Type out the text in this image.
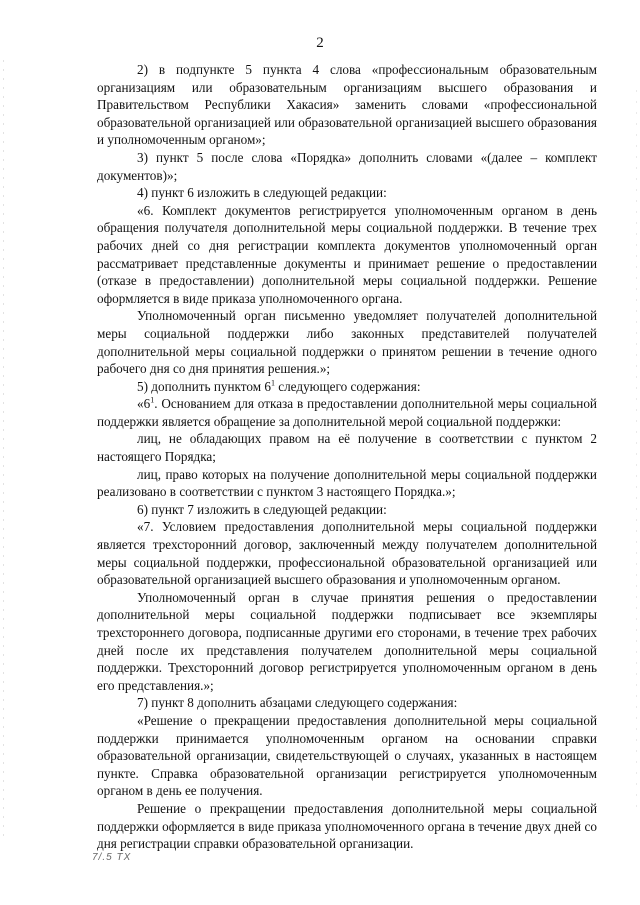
2

2) в подпункте 5 пункта 4 слова «профессиональным образовательным организациям или образовательным организациям высшего образования и Правительством Республики Хакасия» заменить словами «профессиональной образовательной организацией или образовательной организацией высшего образования и уполномоченным органом»;

3) пункт 5 после слова «Порядка» дополнить словами «(далее – комплект документов)»;

4) пункт 6 изложить в следующей редакции:

«6. Комплект документов регистрируется уполномоченным органом в день обращения получателя дополнительной меры социальной поддержки. В течение трех рабочих дней со дня регистрации комплекта документов уполномоченный орган рассматривает представленные документы и принимает решение о предоставлении (отказе в предоставлении) дополнительной меры социальной поддержки. Решение оформляется в виде приказа уполномоченного органа.

Уполномоченный орган письменно уведомляет получателей дополнительной меры социальной поддержки либо законных представителей получателей дополнительной меры социальной поддержки о принятом решении в течение одного рабочего дня со дня принятия решения.»;

5) дополнить пунктом $6^1$ следующего содержания:

«$6^1$. Основанием для отказа в предоставлении дополнительной меры социальной поддержки является обращение за дополнительной мерой социальной поддержки:

лиц, не обладающих правом на её получение в соответствии с пунктом 2 настоящего Порядка;

лиц, право которых на получение дополнительной меры социальной поддержки реализовано в соответствии с пунктом 3 настоящего Порядка.»;

6) пункт 7 изложить в следующей редакции:

«7. Условием предоставления дополнительной меры социальной поддержки является трехсторонний договор, заключенный между получателем дополнительной меры социальной поддержки, профессиональной образовательной организацией или образовательной организацией высшего образования и уполномоченным органом.

Уполномоченный орган в случае принятия решения о предоставлении дополнительной меры социальной поддержки подписывает все экземпляры трехстороннего договора, подписанные другими его сторонами, в течение трех рабочих дней после их представления получателем дополнительной меры социальной поддержки. Трехсторонний договор регистрируется уполномоченным органом в день его представления.»;

7) пункт 8 дополнить абзацами следующего содержания:

«Решение о прекращении предоставления дополнительной меры социальной поддержки принимается уполномоченным органом на основании справки образовательной организации, свидетельствующей о случаях, указанных в настоящем пункте. Справка образовательной организации регистрируется уполномоченным органом в день ее получения.

Решение о прекращении предоставления дополнительной меры социальной поддержки оформляется в виде приказа уполномоченного органа в течение двух дней со дня регистрации справки образовательной организации.

7/.5 ТХ
